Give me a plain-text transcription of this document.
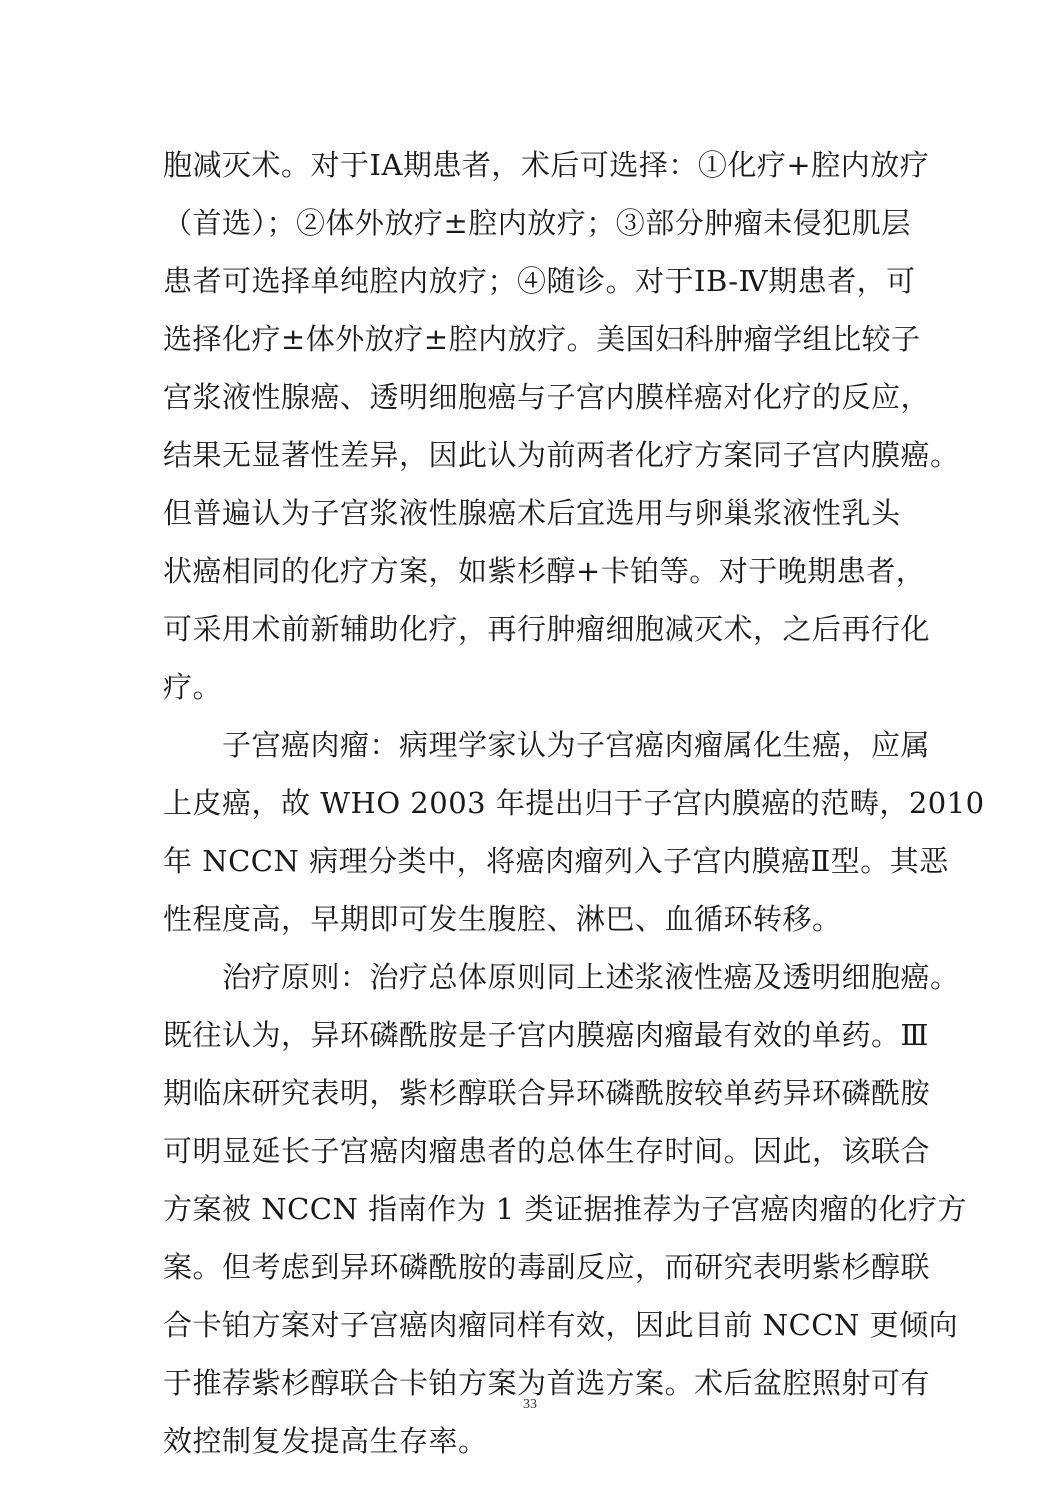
胞减灭术。对于ⅠA期患者，术后可选择：①化疗+腔内放疗
（首选）；②体外放疗±腔内放疗；③部分肿瘤未侵犯肌层
患者可选择单纯腔内放疗；④随诊。对于ⅠB-Ⅳ期患者，可
选择化疗±体外放疗±腔内放疗。美国妇科肿瘤学组比较子
宫浆液性腺癌、透明细胞癌与子宫内膜样癌对化疗的反应，
结果无显著性差异，因此认为前两者化疗方案同子宫内膜癌。
但普遍认为子宫浆液性腺癌术后宜选用与卵巢浆液性乳头
状癌相同的化疗方案，如紫杉醇+卡铂等。对于晚期患者，
可采用术前新辅助化疗，再行肿瘤细胞减灭术，之后再行化
疗。
　　子宫癌肉瘤：病理学家认为子宫癌肉瘤属化生癌，应属
上皮癌，故 WHO 2003 年提出归于子宫内膜癌的范畴，2010
年 NCCN 病理分类中，将癌肉瘤列入子宫内膜癌Ⅱ型。其恶
性程度高，早期即可发生腹腔、淋巴、血循环转移。
　　治疗原则：治疗总体原则同上述浆液性癌及透明细胞癌。
既往认为，异环磷酰胺是子宫内膜癌肉瘤最有效的单药。Ⅲ
期临床研究表明，紫杉醇联合异环磷酰胺较单药异环磷酰胺
可明显延长子宫癌肉瘤患者的总体生存时间。因此，该联合
方案被 NCCN 指南作为 1 类证据推荐为子宫癌肉瘤的化疗方
案。但考虑到异环磷酰胺的毒副反应，而研究表明紫杉醇联
合卡铂方案对子宫癌肉瘤同样有效，因此目前 NCCN 更倾向
于推荐紫杉醇联合卡铂方案为首选方案。术后盆腔照射可有
效控制复发提高生存率。
33
